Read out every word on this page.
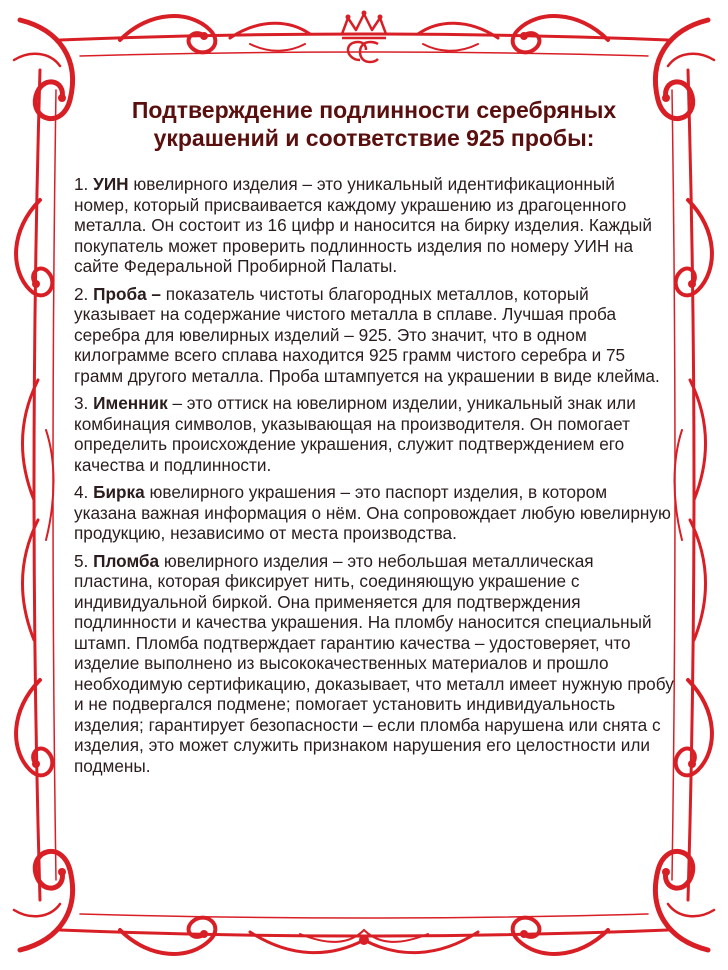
Подтверждение подлинности серебряных
украшений и соответствие 925 пробы:

1. УИН ювелирного изделия – это уникальный идентификационный номер, который присваивается каждому украшению из драгоценного металла. Он состоит из 16 цифр и наносится на бирку изделия. Каждый покупатель может проверить подлинность изделия по номеру УИН на сайте Федеральной Пробирной Палаты.

2. Проба – показатель чистоты благородных металлов, который указывает на содержание чистого металла в сплаве. Лучшая проба серебра для ювелирных изделий – 925. Это значит, что в одном килограмме всего сплава находится 925 грамм чистого серебра и 75 грамм другого металла. Проба штампуется на украшении в виде клейма.

3. Именник – это оттиск на ювелирном изделии, уникальный знак или комбинация символов, указывающая на производителя. Он помогает определить происхождение украшения, служит подтверждением его качества и подлинности.

4. Бирка ювелирного украшения – это паспорт изделия, в котором указана важная информация о нём. Она сопровождает любую ювелирную продукцию, независимо от места производства.

5. Пломба ювелирного изделия – это небольшая металлическая пластина, которая фиксирует нить, соединяющую украшение с индивидуальной биркой. Она применяется для подтверждения подлинности и качества украшения. На пломбу наносится специальный штамп. Пломба подтверждает гарантию качества – удостоверяет, что изделие выполнено из высококачественных материалов и прошло необходимую сертификацию, доказывает, что металл имеет нужную пробу и не подвергался подмене; помогает установить индивидуальность изделия; гарантирует безопасности – если пломба нарушена или снята с изделия, это может служить признаком нарушения его целостности или подмены.
